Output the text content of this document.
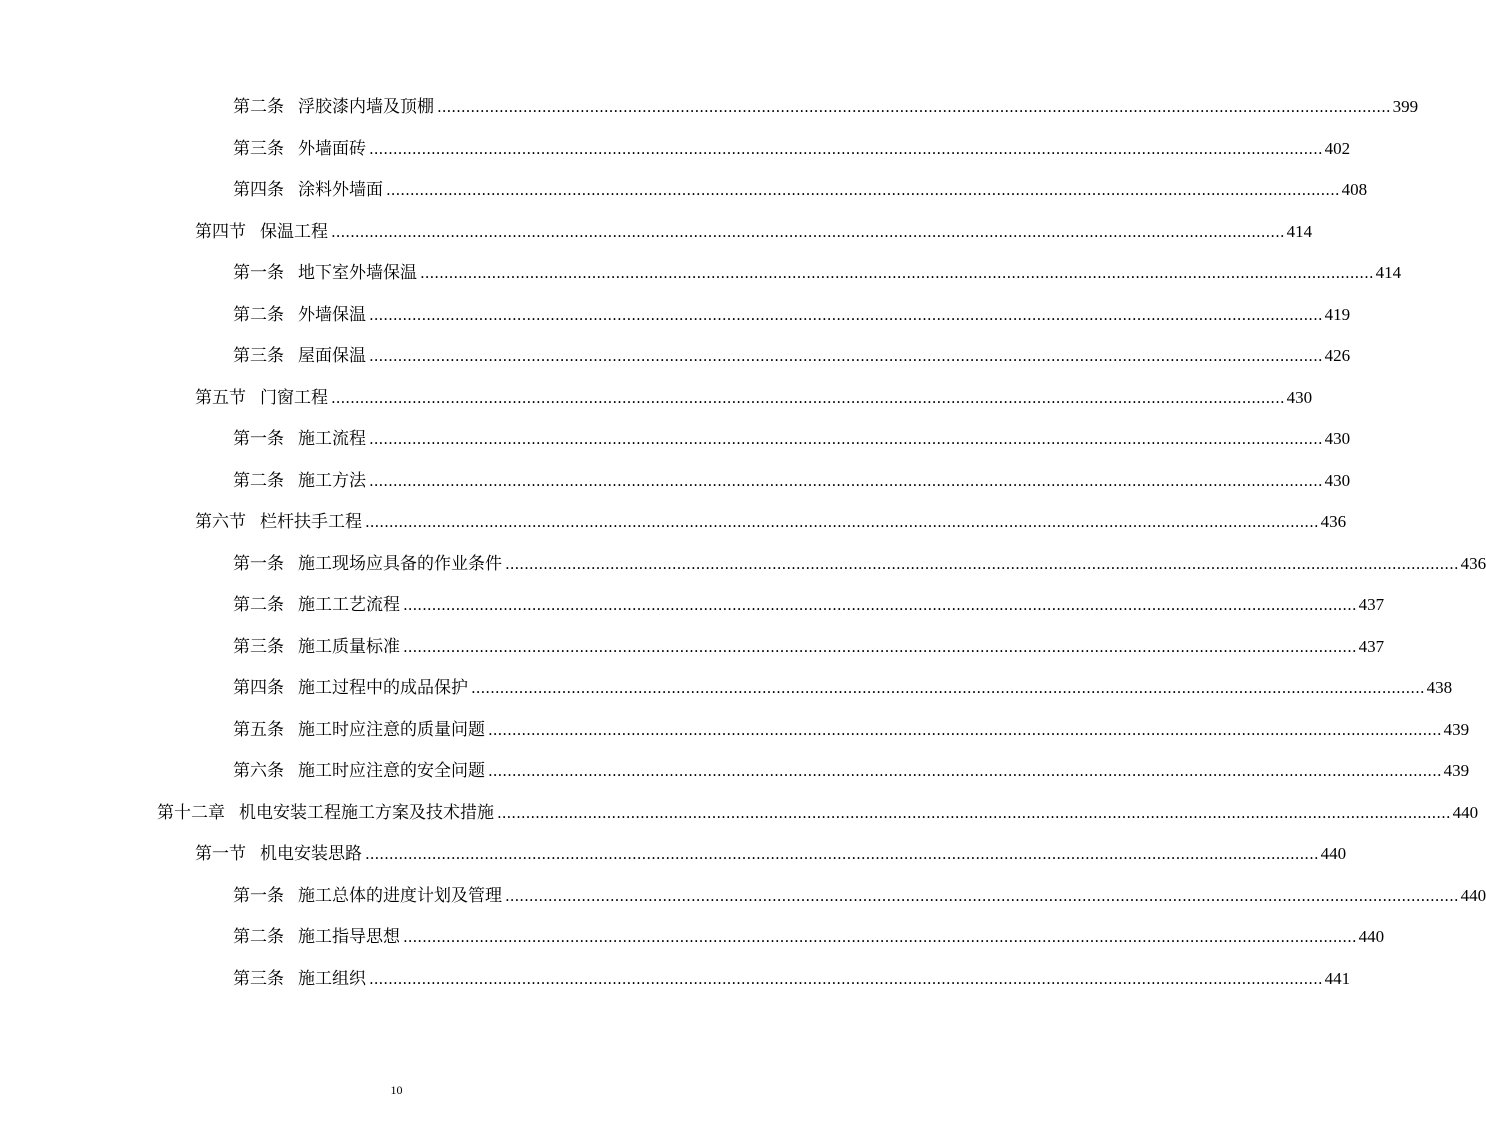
第二条 浮胶漆内墙及顶棚 ........................................................................................................................................................................................................ 399
第三条 外墙面砖 ........................................................................................................................................................................................................ 402
第四条 涂料外墙面 ........................................................................................................................................................................................................ 408
第四节 保温工程 ........................................................................................................................................................................................................ 414
第一条 地下室外墙保温 ........................................................................................................................................................................................................ 414
第二条 外墙保温 ........................................................................................................................................................................................................ 419
第三条 屋面保温 ........................................................................................................................................................................................................ 426
第五节 门窗工程 ........................................................................................................................................................................................................ 430
第一条 施工流程 ........................................................................................................................................................................................................ 430
第二条 施工方法 ........................................................................................................................................................................................................ 430
第六节 栏杆扶手工程 ........................................................................................................................................................................................................ 436
第一条 施工现场应具备的作业条件 ........................................................................................................................................................................................................ 436
第二条 施工工艺流程 ........................................................................................................................................................................................................ 437
第三条 施工质量标准 ........................................................................................................................................................................................................ 437
第四条 施工过程中的成品保护 ........................................................................................................................................................................................................ 438
第五条 施工时应注意的质量问题 ........................................................................................................................................................................................................ 439
第六条 施工时应注意的安全问题 ........................................................................................................................................................................................................ 439
第十二章 机电安装工程施工方案及技术措施 ........................................................................................................................................................................................................ 440
第一节 机电安装思路 ........................................................................................................................................................................................................ 440
第一条 施工总体的进度计划及管理 ........................................................................................................................................................................................................ 440
第二条 施工指导思想 ........................................................................................................................................................................................................ 440
第三条 施工组织 ........................................................................................................................................................................................................ 441
10
